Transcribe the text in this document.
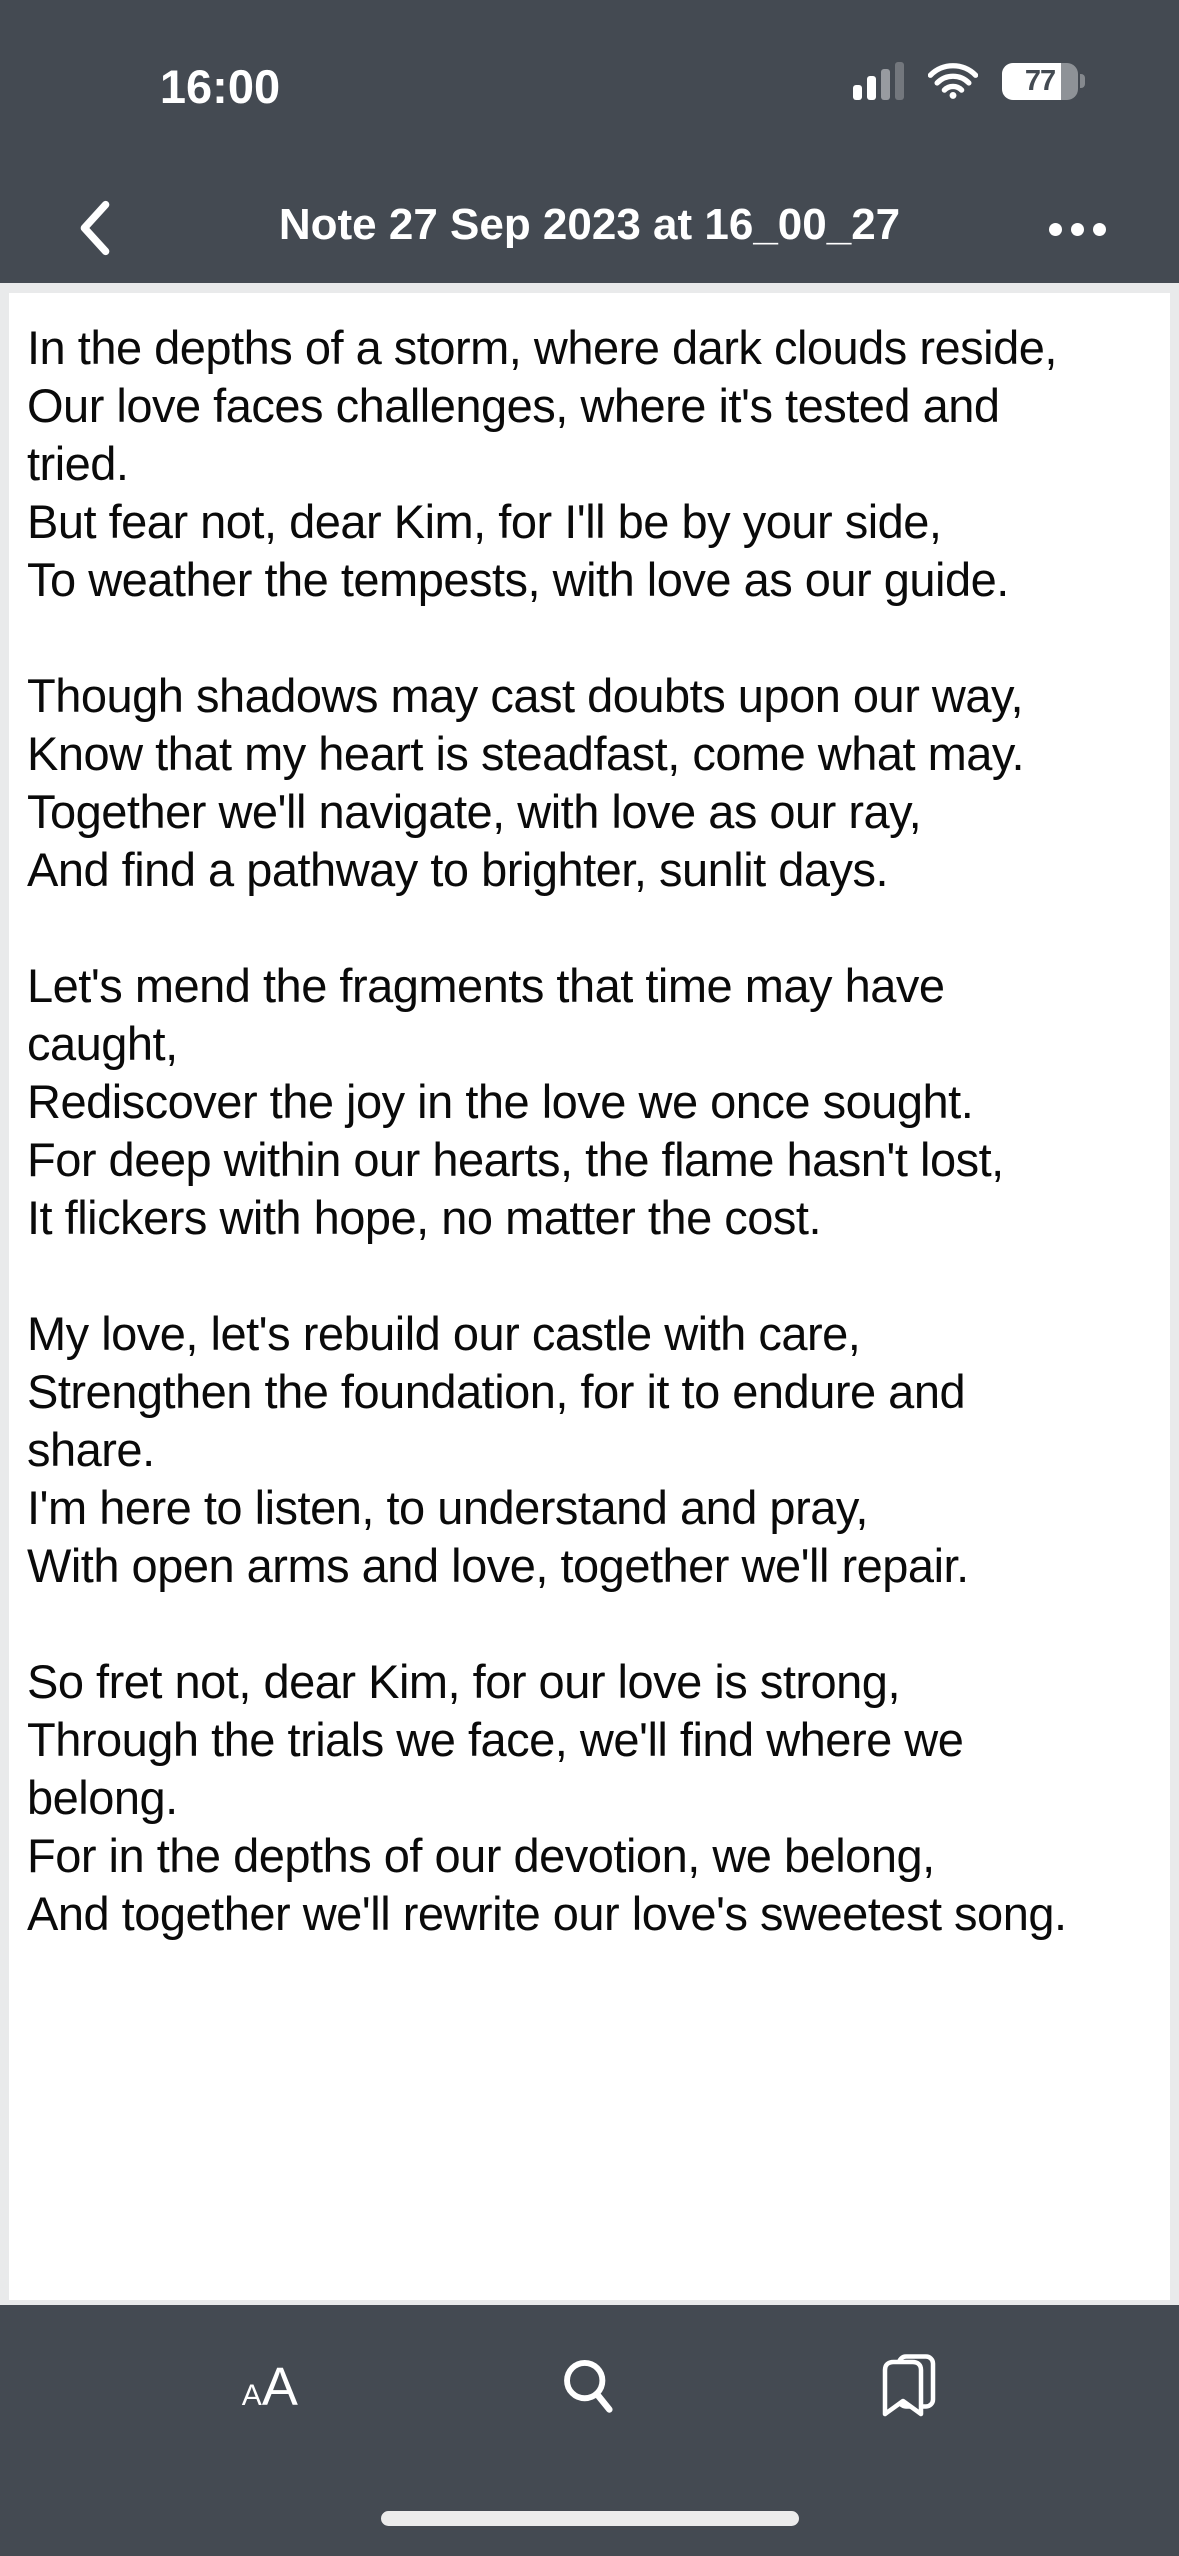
16:00	77
Note 27 Sep 2023 at 16_00_27
In the depths of a storm, where dark clouds reside,
Our love faces challenges, where it's tested and
tried.
But fear not, dear Kim, for I'll be by your side,
To weather the tempests, with love as our guide.
Though shadows may cast doubts upon our way,
Know that my heart is steadfast, come what may.
Together we'll navigate, with love as our ray,
And find a pathway to brighter, sunlit days.
Let's mend the fragments that time may have
caught,
Rediscover the joy in the love we once sought.
For deep within our hearts, the flame hasn't lost,
It flickers with hope, no matter the cost.
My love, let's rebuild our castle with care,
Strengthen the foundation, for it to endure and
share.
I'm here to listen, to understand and pray,
With open arms and love, together we'll repair.
So fret not, dear Kim, for our love is strong,
Through the trials we face, we'll find where we
belong.
For in the depths of our devotion, we belong,
And together we'll rewrite our love's sweetest song.
A A
